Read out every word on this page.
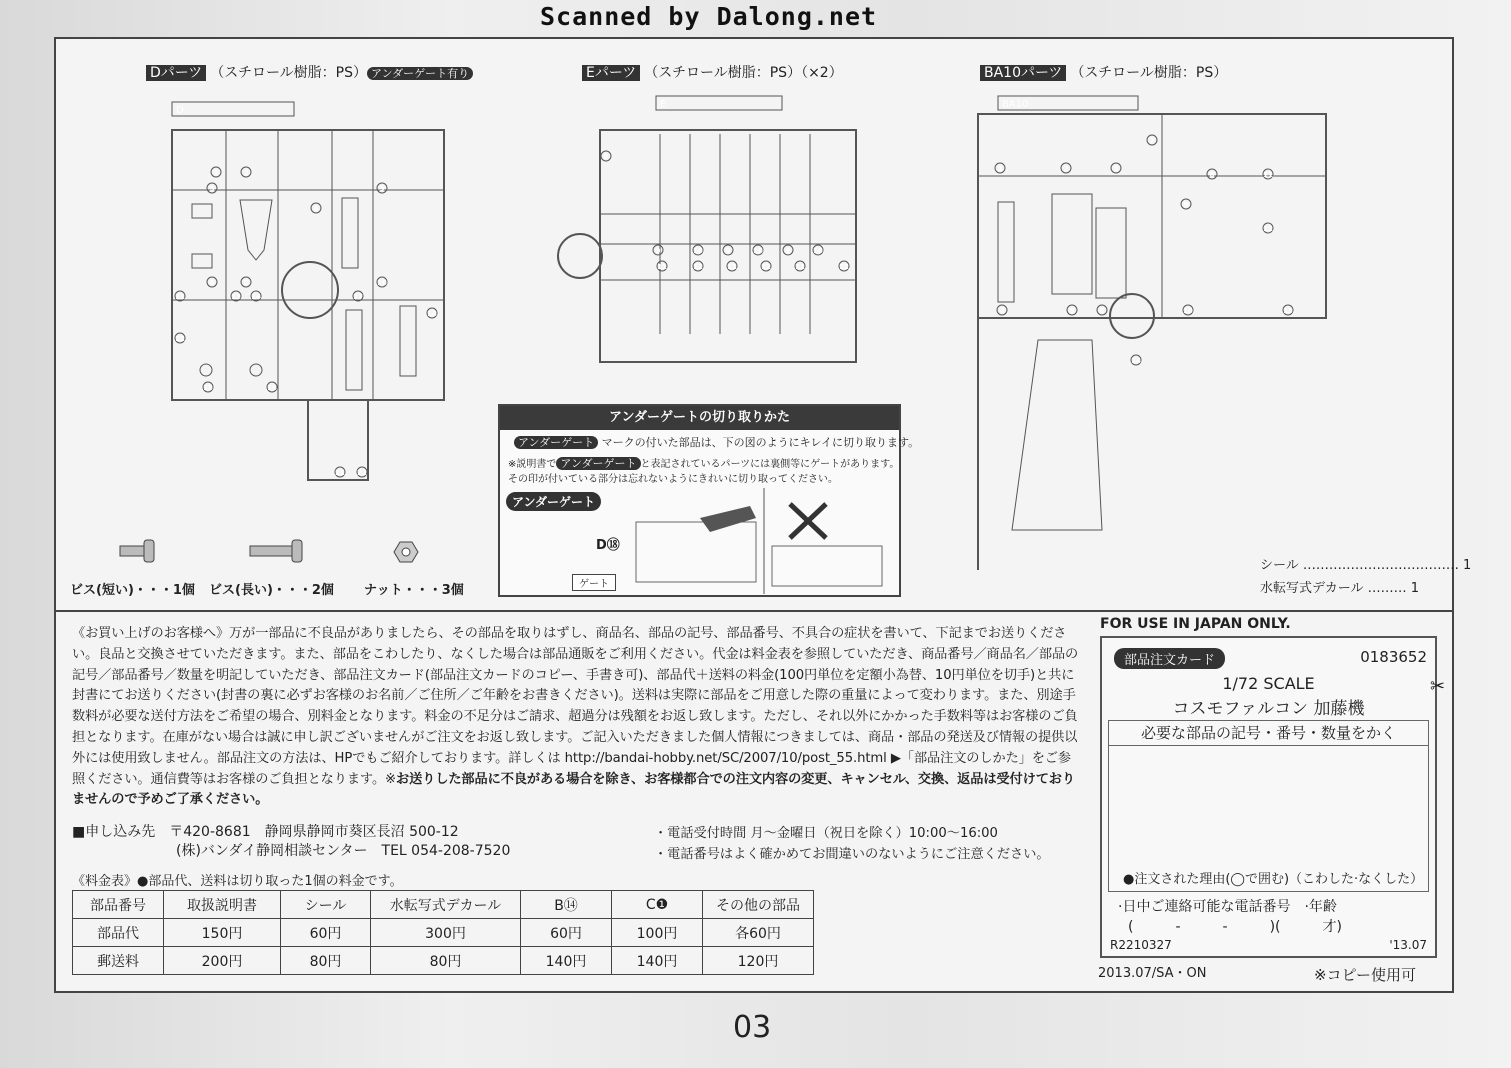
Scanned by Dalong.net
Dパーツ （スチロール樹脂：PS） アンダーゲート有り	Eパーツ （スチロール樹脂：PS）（×2）	BA10パーツ （スチロール樹脂：PS）
D
1	2
5
6	7
8
9
10
11
12
13 14
15	16
17
18
21 22
E
8
9	10	9	10	9	10
11	12	11	12	11	12
BA10
1	2	3
4	5	6
7
8
9
10
11
12
13
14
アンダーゲートの切り取りかた
アンダーゲート マークの付いた部品は、下の図のようにキレイに切り取ります。
※説明書で アンダーゲート と表記されているパーツには裏側等にゲートがあります。
その印が付いている部分は忘れないようにきれいに切り取ってください。
アンダーゲート
D⑱
ゲート
ビス(短い)・・・1個 ビス(長い)・・・2個 ナット・・・3個
シール ……………………………… 1
水転写式デカール ……… 1
《お買い上げのお客様へ》万が一部品に不良品がありましたら、その部品を取りはずし、商品名、部品の記号、部品番号、不具合の症状を書いて、下記までお送りください。良品と交換させていただきます。また、部品をこわしたり、なくした場合は部品通販をご利用ください。代金は料金表を参照していただき、商品番号／商品名／部品の記号／部品番号／数量を明記していただき、部品注文カード(部品注文カードのコピー、手書き可)、部品代＋送料の料金(100円単位を定額小為替、10円単位を切手)と共に封書にてお送りください(封書の裏に必ずお客様のお名前／ご住所／ご年齢をお書きください)。送料は実際に部品をご用意した際の重量によって変わります。また、別途手数料が必要な送付方法をご希望の場合、別料金となります。料金の不足分はご請求、超過分は残額をお返し致します。ただし、それ以外にかかった手数料等はお客様のご負担となります。在庫がない場合は誠に申し訳ございませんがご注文をお返し致します。ご記入いただきました個人情報につきましては、商品・部品の発送及び情報の提供以外には使用致しません。部品注文の方法は、HPでもご紹介しております。詳しくは http://bandai-hobby.net/SC/2007/10/post_55.html ▶「部品注文のしかた」をご参照ください。通信費等はお客様のご負担となります。※お送りした部品に不良がある場合を除き、お客様都合での注文内容の変更、キャンセル、交換、返品は受付けておりませんので予めご了承ください。
■申し込み先　〒420-8681　静岡県静岡市葵区長沼 500-12
(株)バンダイ静岡相談センター　TEL 054-208-7520
・電話受付時間 月～金曜日（祝日を除く）10:00～16:00
・電話番号はよく確かめてお間違いのないようにご注意ください。
《料金表》●部品代、送料は切り取った1個の料金です。
部品番号	取扱説明書	シール	水転写式デカール	B⑭	C❶	その他の部品
部品代	150円	60円	300円	60円	100円	各60円
郵送料	200円	80円	80円	140円	140円	120円
FOR USE IN JAPAN ONLY.
部品注文カード	0183652
1/72 SCALE
コスモファルコン 加藤機
必要な部品の記号・番号・数量をかく
●注文された理由(◯で囲む)（こわした·なくした）
·日中ご連絡可能な電話番号　·年齢
(　　　-　　　-　　　)(　　　才)
R2210327	'13.07
✂
2013.07/SA・ON	※コピー使用可
03
